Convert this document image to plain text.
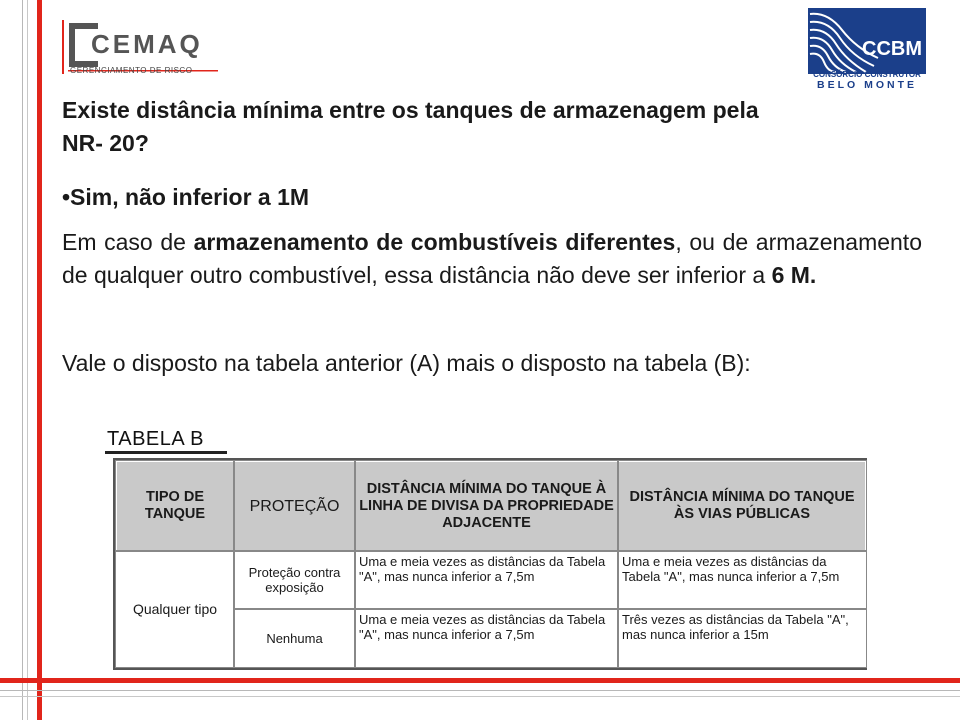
CEMAQ
GERENCIAMENTO DE RISCO
CCBM
CONSÓRCIO CONSTRUTOR
BELO MONTE

Existe distância mínima entre os tanques de armazenagem pela NR- 20?

•Sim, não inferior a 1M

Em caso de armazenamento de combustíveis diferentes, ou de armazenamento de qualquer outro combustível, essa distância não deve ser inferior a 6 M.

Vale o disposto na tabela anterior (A) mais o disposto na tabela (B):

TABELA B
TIPO DE TANQUE	PROTEÇÃO	DISTÂNCIA MÍNIMA DO TANQUE À LINHA DE DIVISA DA PROPRIEDADE ADJACENTE	DISTÂNCIA MÍNIMA DO TANQUE ÀS VIAS PÚBLICAS
Qualquer tipo	Proteção contra exposição	Uma e meia vezes as distâncias da Tabela "A", mas nunca inferior a 7,5m	Uma e meia vezes as distâncias da Tabela "A", mas nunca inferior a 7,5m
	Nenhuma	Uma e meia vezes as distâncias da Tabela "A", mas nunca inferior a 7,5m	Três vezes as distâncias da Tabela "A", mas nunca inferior a 15m
